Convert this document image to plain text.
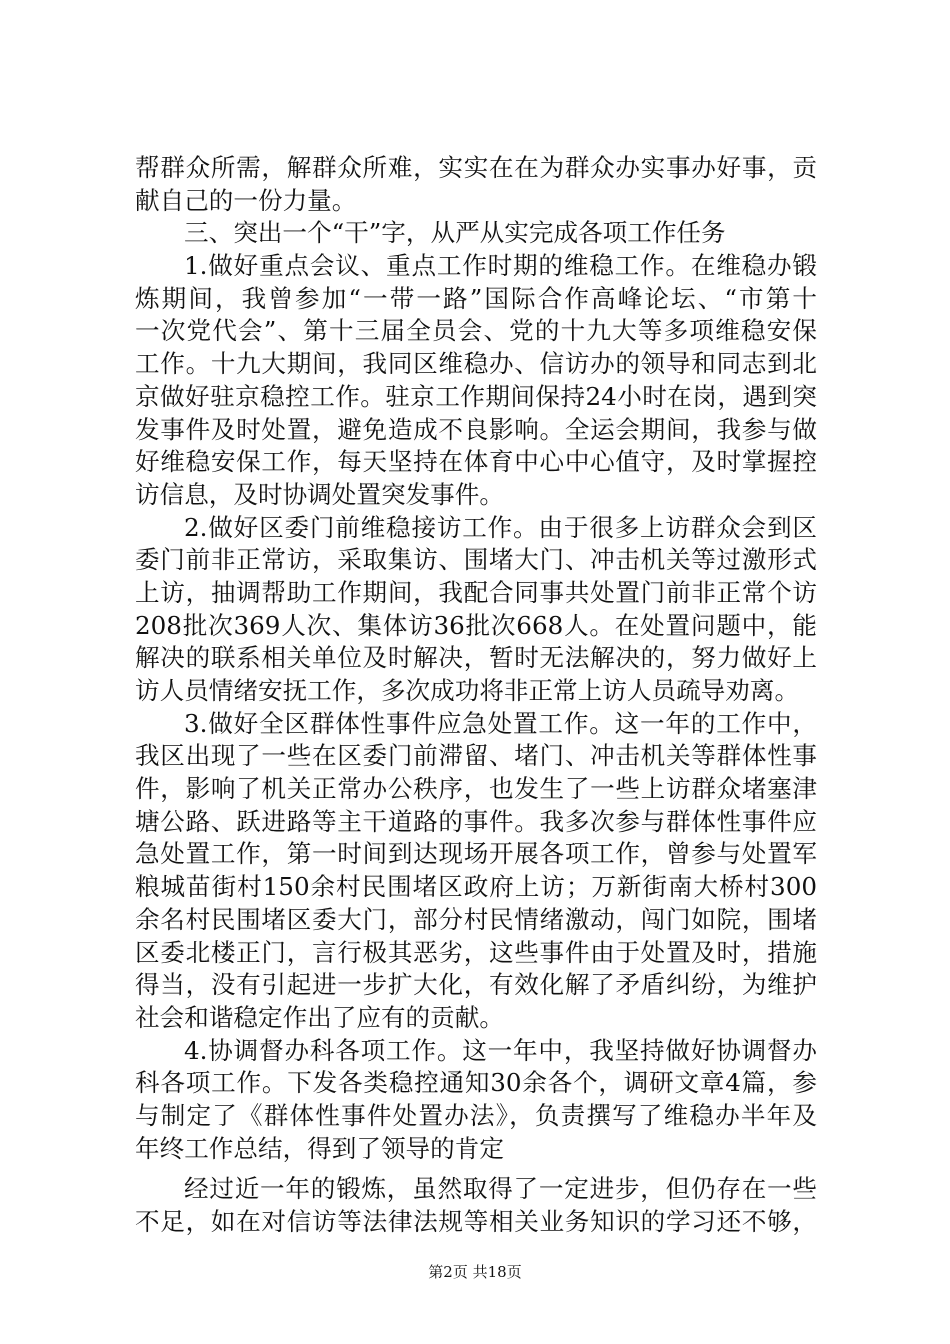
帮群众所需，解群众所难，实实在在为群众办实事办好事，贡
献自己的一份力量。
三、突出一个“干”字，从严从实完成各项工作任务
1.做好重点会议、重点工作时期的维稳工作。在维稳办锻
炼期间，我曾参加“一带一路”国际合作高峰论坛、“市第十
一次党代会”、第十三届全员会、党的十九大等多项维稳安保
工作。十九大期间，我同区维稳办、信访办的领导和同志到北
京做好驻京稳控工作。驻京工作期间保持24小时在岗，遇到突
发事件及时处置，避免造成不良影响。全运会期间，我参与做
好维稳安保工作，每天坚持在体育中心中心值守，及时掌握控
访信息，及时协调处置突发事件。
2.做好区委门前维稳接访工作。由于很多上访群众会到区
委门前非正常访，采取集访、围堵大门、冲击机关等过激形式
上访，抽调帮助工作期间，我配合同事共处置门前非正常个访
208批次369人次、集体访36批次668人。在处置问题中，能
解决的联系相关单位及时解决，暂时无法解决的，努力做好上
访人员情绪安抚工作，多次成功将非正常上访人员疏导劝离。
3.做好全区群体性事件应急处置工作。这一年的工作中，
我区出现了一些在区委门前滞留、堵门、冲击机关等群体性事
件，影响了机关正常办公秩序，也发生了一些上访群众堵塞津
塘公路、跃进路等主干道路的事件。我多次参与群体性事件应
急处置工作，第一时间到达现场开展各项工作，曾参与处置军
粮城苗街村150余村民围堵区政府上访；万新街南大桥村300
余名村民围堵区委大门，部分村民情绪激动，闯门如院，围堵
区委北楼正门，言行极其恶劣，这些事件由于处置及时，措施
得当，没有引起进一步扩大化，有效化解了矛盾纠纷，为维护
社会和谐稳定作出了应有的贡献。
4.协调督办科各项工作。这一年中，我坚持做好协调督办
科各项工作。下发各类稳控通知30余各个，调研文章4篇，参
与制定了《群体性事件处置办法》，负责撰写了维稳办半年及
年终工作总结，得到了领导的肯定
经过近一年的锻炼，虽然取得了一定进步，但仍存在一些
不足，如在对信访等法律法规等相关业务知识的学习还不够，
第2页 共18页
